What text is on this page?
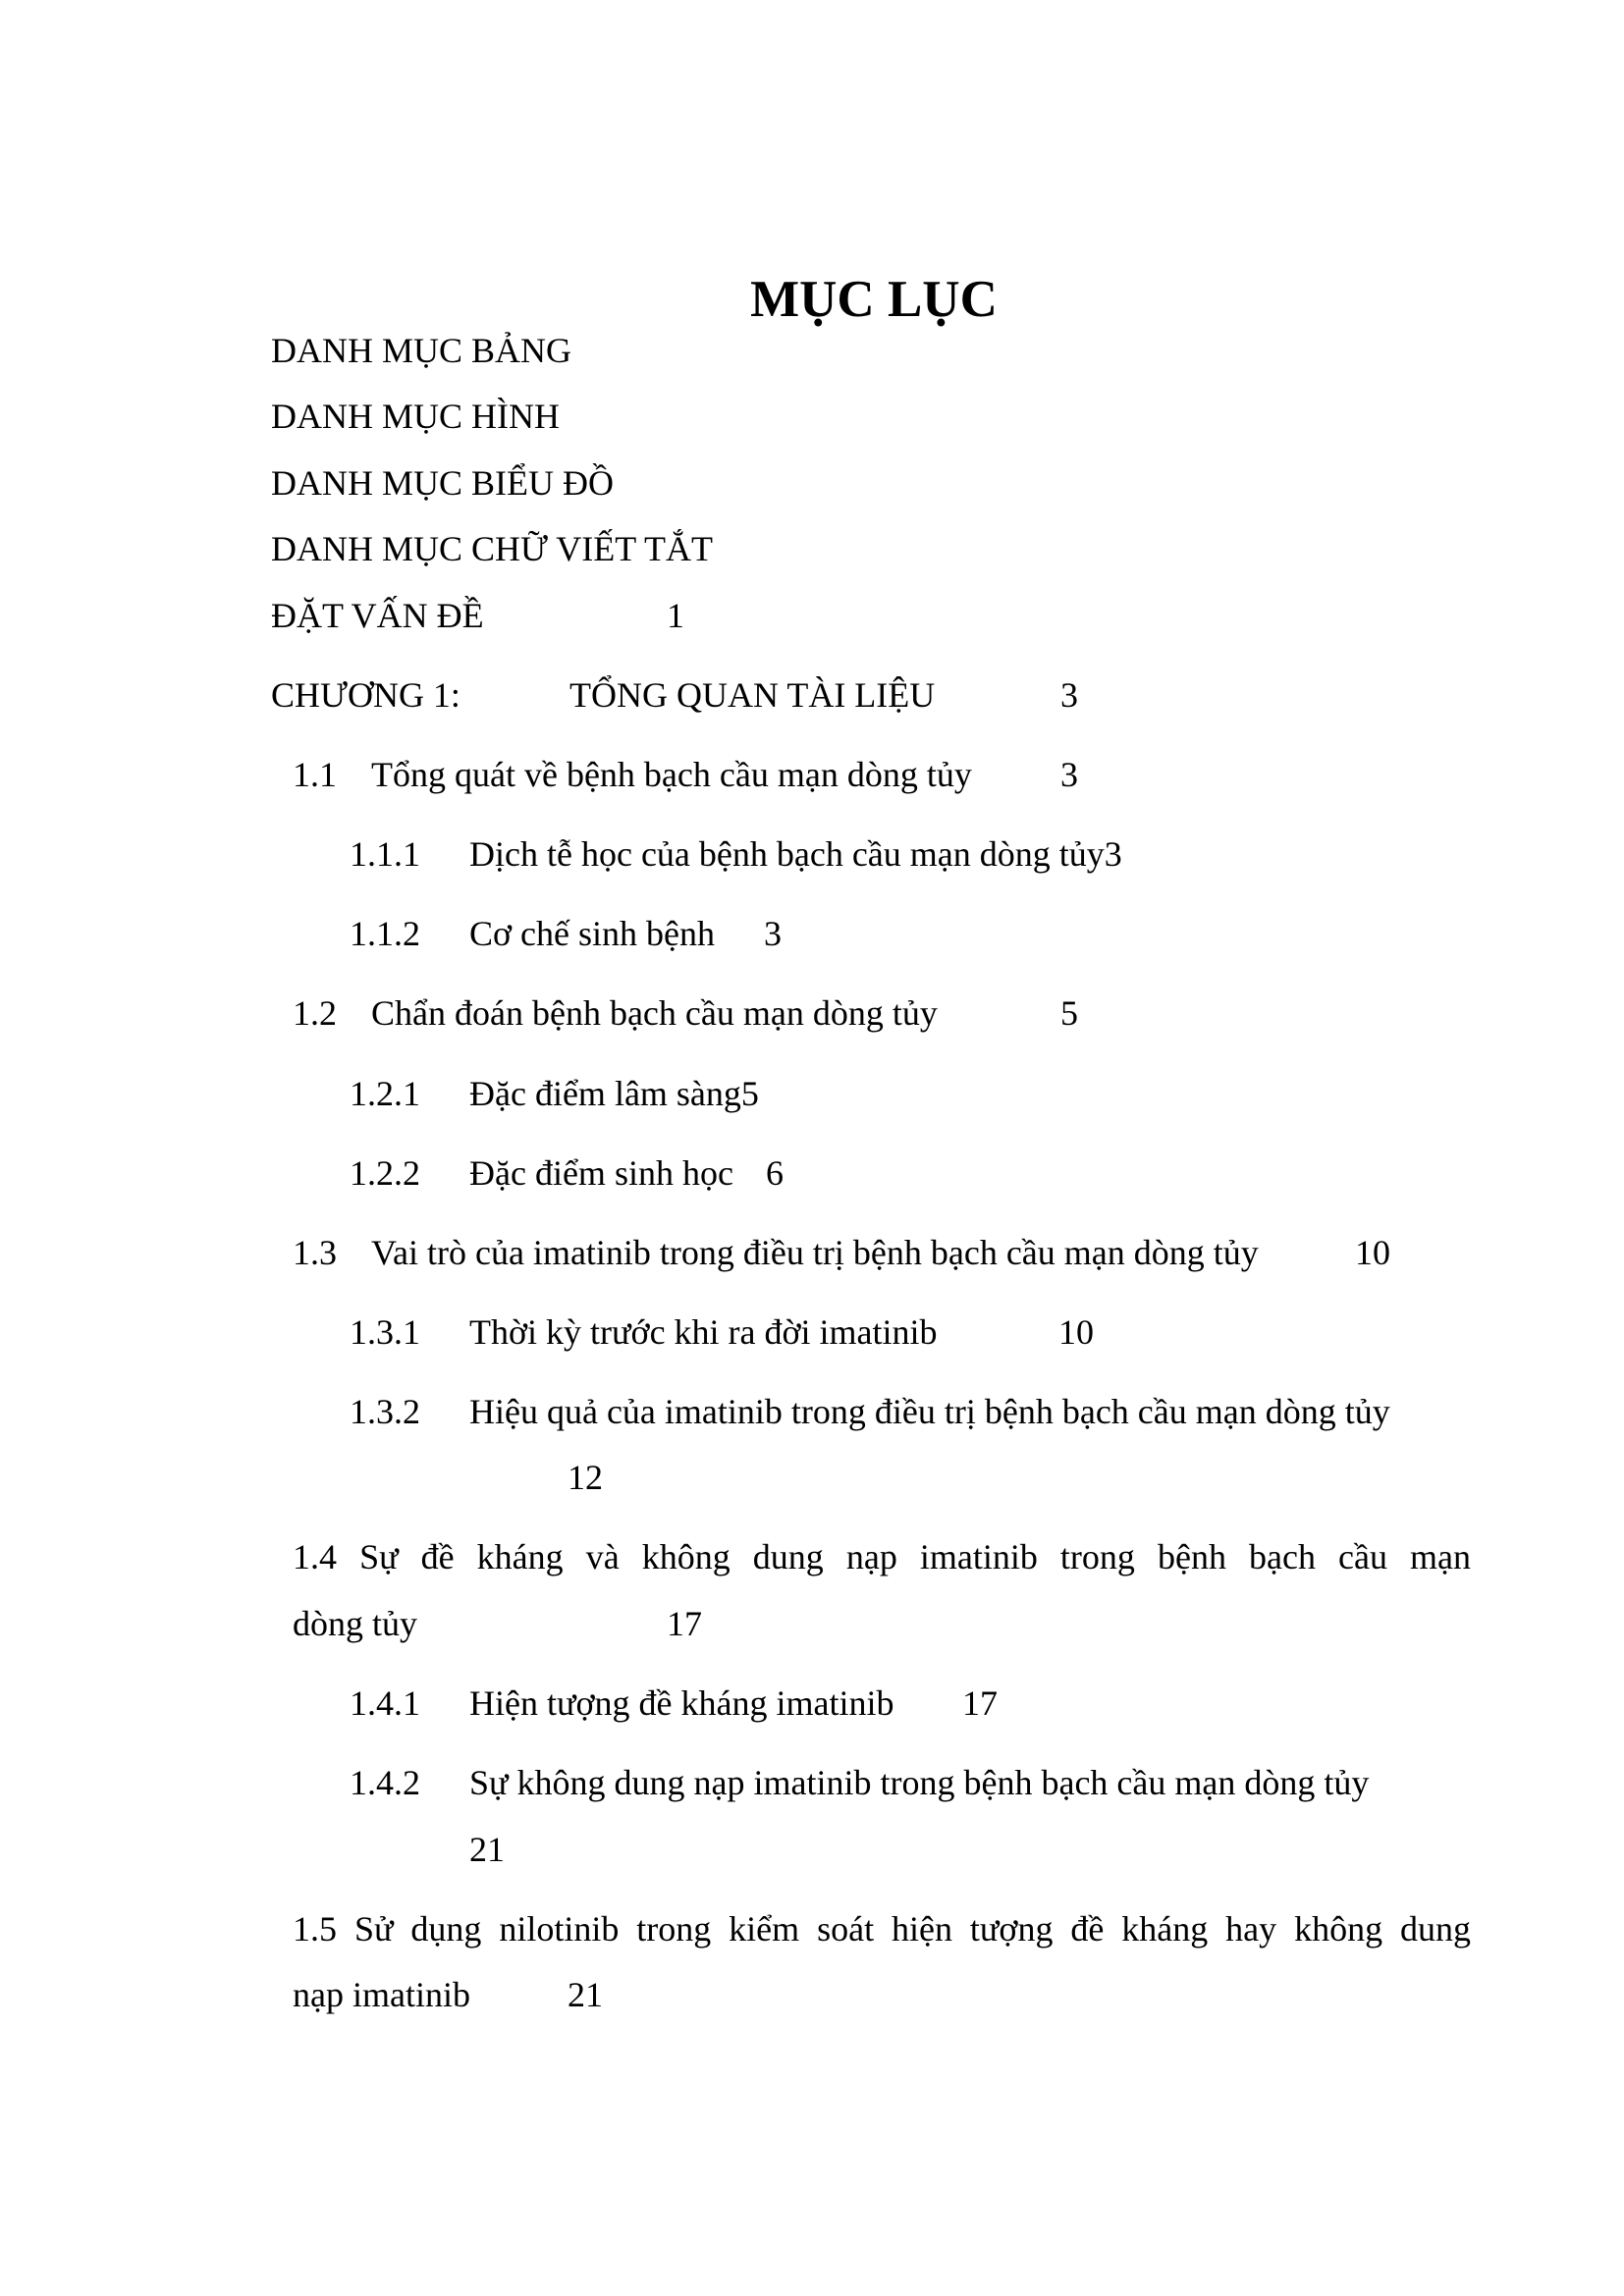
MỤC LỤC
DANH MỤC BẢNG
DANH MỤC HÌNH
DANH MỤC BIỂU ĐỒ
DANH MỤC CHỮ VIẾT TẮT
ĐẶT VẤN ĐỀ	1
CHƯƠNG 1:	TỔNG QUAN TÀI LIỆU	3
1.1 Tổng quát về bệnh bạch cầu mạn dòng tủy	3
1.1.1 Dịch tễ học của bệnh bạch cầu mạn dòng tủy3
1.1.2 Cơ chế sinh bệnh 3
1.2 Chẩn đoán bệnh bạch cầu mạn dòng tủy	5
1.2.1 Đặc điểm lâm sàng5
1.2.2 Đặc điểm sinh học 6
1.3 Vai trò của imatinib trong điều trị bệnh bạch cầu mạn dòng tủy	10
1.3.1 Thời kỳ trước khi ra đời imatinib	10
1.3.2 Hiệu quả của imatinib trong điều trị bệnh bạch cầu mạn dòng tủy
12
1.4 Sự đề kháng và không dung nạp imatinib trong bệnh bạch cầu mạn
dòng tủy	17
1.4.1 Hiện tượng đề kháng imatinib 17
1.4.2 Sự không dung nạp imatinib trong bệnh bạch cầu mạn dòng tủy
21
1.5 Sử dụng nilotinib trong kiểm soát hiện tượng đề kháng hay không dung
nạp imatinib	21
